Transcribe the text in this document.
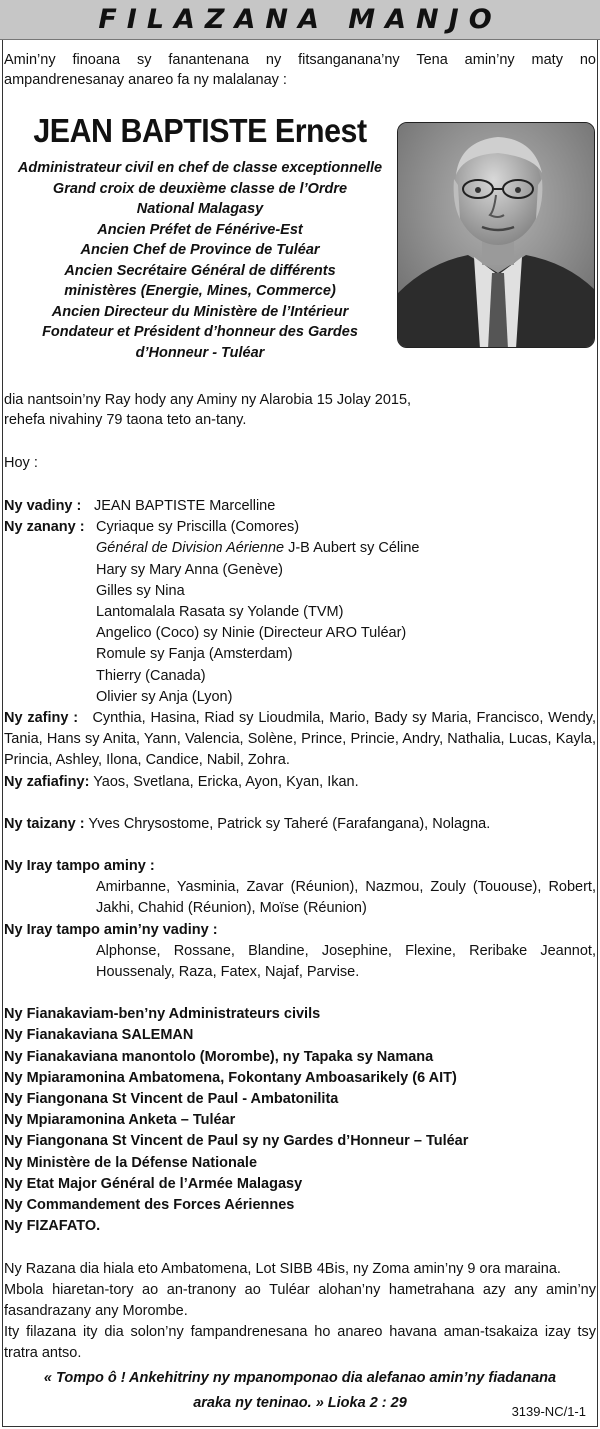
FILAZANA MANJO

Amin’ny finoana sy fanantenana ny fitsanganana’ny Tena amin’ny maty no ampandrenesanay anareo fa ny malalanay :

JEAN BAPTISTE Ernest
Administrateur civil en chef de classe exceptionnelle
Grand croix de deuxième classe de l’Ordre National Malagasy
Ancien Préfet de Fénérive-Est
Ancien Chef de Province de Tuléar
Ancien Secrétaire Général de différents ministères (Energie, Mines, Commerce)
Ancien Directeur du Ministère de l’Intérieur
Fondateur et Président d’honneur des Gardes d’Honneur - Tuléar
dia nantsoin’ny Ray hody any Aminy ny Alarobia 15 Jolay 2015,
rehefa nivahiny 79 taona teto an-tany.
Hoy :
Ny vadiny : JEAN BAPTISTE Marcelline
Ny zanany : Cyriaque sy Priscilla (Comores)
Général de Division Aérienne J-B Aubert sy Céline
Hary sy Mary Anna (Genève)
Gilles sy Nina
Lantomalala Rasata sy Yolande (TVM)
Angelico (Coco) sy Ninie (Directeur ARO Tuléar)
Romule sy Fanja (Amsterdam)
Thierry (Canada)
Olivier sy Anja (Lyon)

Ny zafiny : Cynthia, Hasina, Riad sy Lioudmila, Mario, Bady sy Maria, Francisco, Wendy, Tania, Hans sy Anita, Yann, Valencia, Solène, Prince, Princie, Andry, Nathalia, Lucas, Kayla, Princia, Ashley, Ilona, Candice, Nabil, Zohra.

Ny zafiafiny: Yaos, Svetlana, Ericka, Ayon, Kyan, Ikan.

Ny taizany : Yves Chrysostome, Patrick sy Taheré (Farafangana), Nolagna.

Ny Iray tampo aminy :

Amirbanne, Yasminia, Zavar (Réunion), Nazmou, Zouly (Tououse), Robert, Jakhi, Chahid (Réunion), Moïse (Réunion)

Ny Iray tampo amin’ny vadiny :

Alphonse, Rossane, Blandine, Josephine, Flexine, Reribake Jeannot, Houssenaly, Raza, Fatex, Najaf, Parvise.

Ny Fianakaviam-ben’ny Administrateurs civils
Ny Fianakaviana SALEMAN
Ny Fianakaviana manontolo (Morombe), ny Tapaka sy Namana
Ny Mpiaramonina Ambatomena, Fokontany Amboasarikely (6 AIT)
Ny Fiangonana St Vincent de Paul - Ambatonilita
Ny Mpiaramonina Anketa – Tuléar
Ny Fiangonana St Vincent de Paul sy ny Gardes d’Honneur – Tuléar
Ny Ministère de la Défense Nationale
Ny Etat Major Général de l’Armée Malagasy
Ny Commandement des Forces Aériennes
Ny FIZAFATO.

Ny Razana dia hiala eto Ambatomena, Lot SIBB 4Bis, ny Zoma amin’ny 9 ora maraina.

Mbola hiaretan-tory ao an-tranony ao Tuléar alohan’ny hametrahana azy any amin’ny fasandrazany any Morombe.

Ity filazana ity dia solon’ny fampandrenesana ho anareo havana aman-tsakaiza izay tsy tratra antso.

« Tompo ô ! Ankehitriny ny mpanomponao dia alefanao amin’ny fiadanana
araka ny teninao. » Lioka 2 : 29
3139-NC/1-1
